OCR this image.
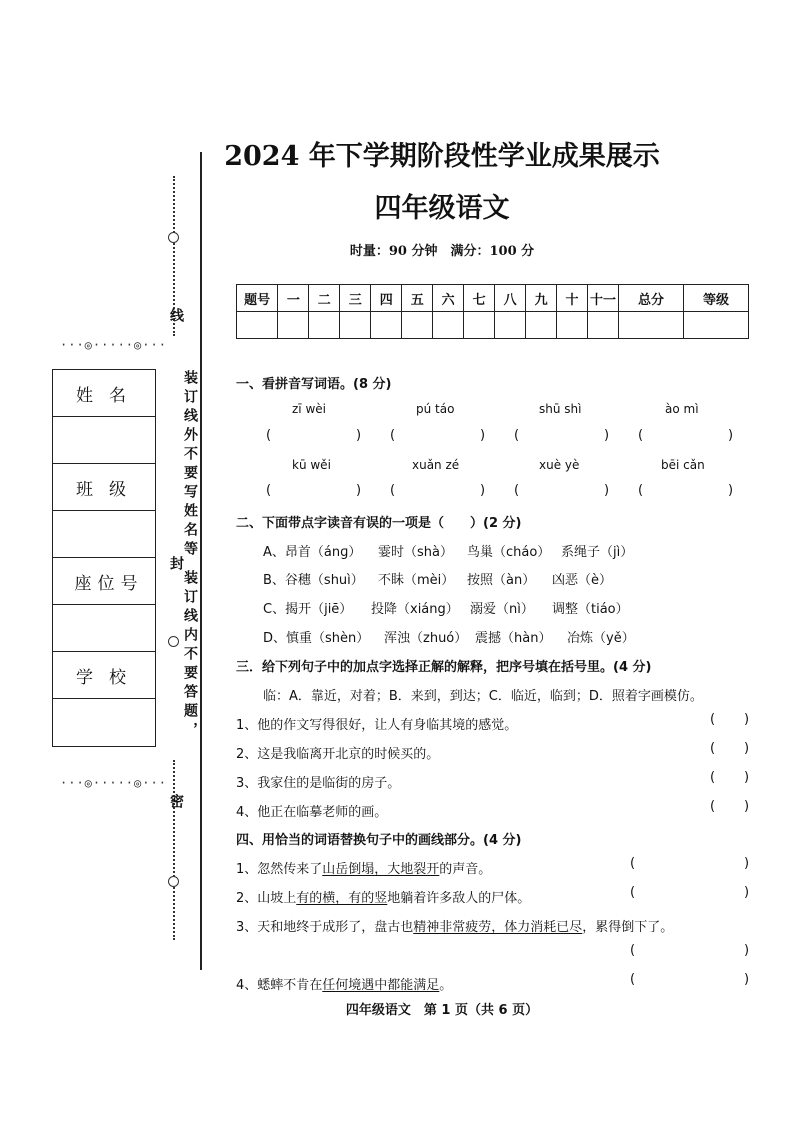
线
封
密
装订线外不要写姓名等
装订线内不要答题，
···◎·····◎···
···◎·····◎···
姓名
班级
座位号
学校
2024 年下学期阶段性学业成果展示
四年级语文
时量：90 分钟　满分：100 分
题号	一	二	三	四	五	六	七	八	九	十	十一	总分	等级

一、看拼音写词语。(8 分)
zī wèi	pú táo	shū shì	ào mì
(	) (	) (	) (	)
kū wěi	xuǎn zé	xuè yè	bēi cǎn
(	) (	) (	) (	)
二、下面带点字读音有误的一项是（　　）(2 分)
A、昂首（ánɡ） 霎时（shà） 鸟巢（cháo） 系绳子（jì）
B、谷穗（shuì） 不眛（mèi） 按照（àn） 凶恶（è）
C、揭开（jiē） 投降（xiáng） 溺爱（nì） 调整（tiáo）
D、慎重（shèn） 浑浊（zhuó） 震撼（hàn） 冶炼（yě）
三．给下列句子中的加点字选择正解的解释，把序号填在括号里。(4 分)
临：A．靠近，对着；B．来到，到达；C．临近，临到；D．照着字画模仿。
1、他的作文写得很好，让人有身临其境的感觉。	( )
2、这是我临离开北京的时候买的。	( )
3、我家住的是临街的房子。	( )
4、他正在临摹老师的画。	( )
四、用恰当的词语替换句子中的画线部分。(4 分)
1、忽然传来了山岳倒塌，大地裂开的声音。	(	)
2、山坡上有的横，有的竖地躺着许多敌人的尸体。	(	)
3、天和地终于成形了，盘古也精神非常疲劳，体力消耗已尽，累得倒下了。
(	)
4、蟋蟀不肯在任何境遇中都能满足。	(	)
四年级语文　第 1 页（共 6 页）
